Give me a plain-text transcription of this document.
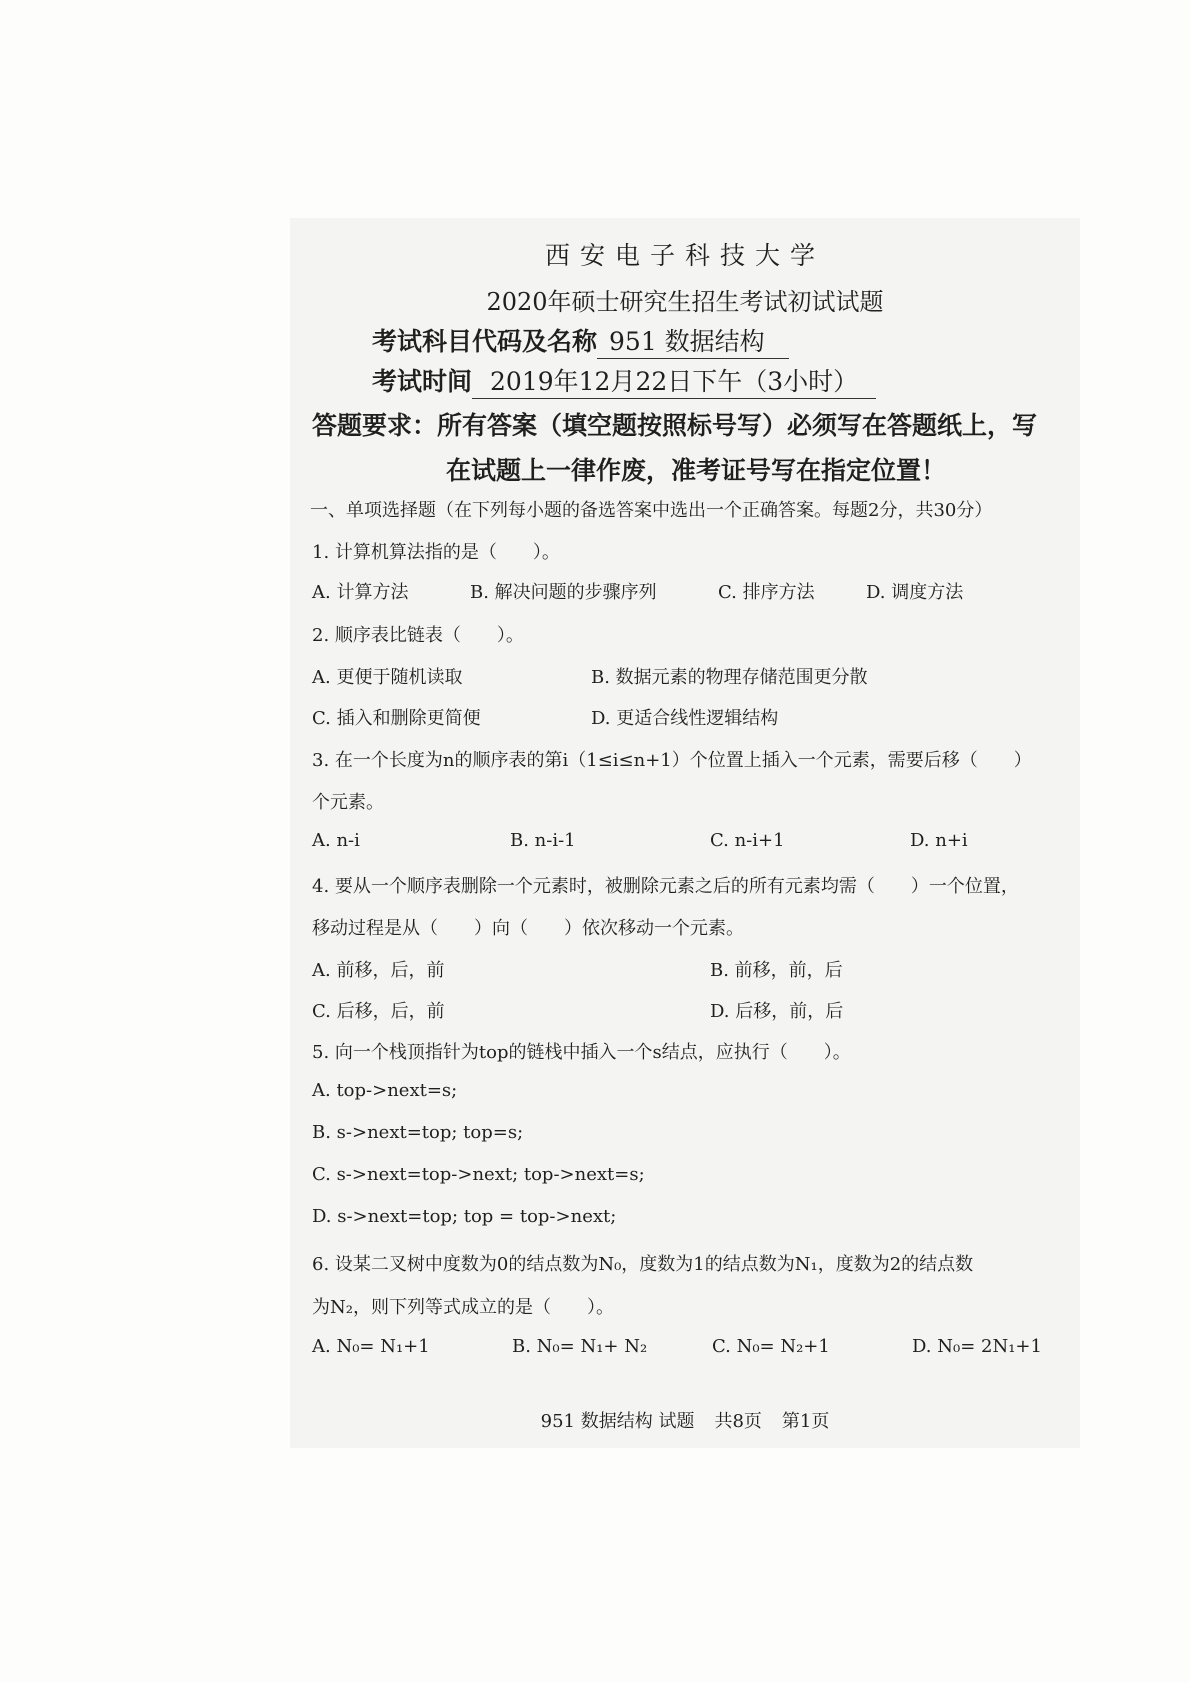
西安电子科技大学
2020年硕士研究生招生考试初试试题
考试科目代码及名称 951 数据结构
考试时间 2019年12月22日下午（3小时）
答题要求：所有答案（填空题按照标号写）必须写在答题纸上，写
在试题上一律作废，准考证号写在指定位置！
一、单项选择题（在下列每小题的备选答案中选出一个正确答案。每题2分，共30分）
1. 计算机算法指的是（　　）。
A. 计算方法	B. 解决问题的步骤序列	C. 排序方法	D. 调度方法
2. 顺序表比链表（　　）。
A. 更便于随机读取	B. 数据元素的物理存储范围更分散
C. 插入和删除更简便	D. 更适合线性逻辑结构
3. 在一个长度为n的顺序表的第i（1≤i≤n+1）个位置上插入一个元素，需要后移（　　）
个元素。
A. n-i	B. n-i-1	C. n-i+1	D. n+i
4. 要从一个顺序表删除一个元素时，被删除元素之后的所有元素均需（　　）一个位置，
移动过程是从（　　）向（　　）依次移动一个元素。
A. 前移，后，前	B. 前移，前，后
C. 后移，后，前	D. 后移，前，后
5. 向一个栈顶指针为top的链栈中插入一个s结点，应执行（　　）。
A. top->next=s;
B. s->next=top; top=s;
C. s->next=top->next; top->next=s;
D. s->next=top; top = top->next;
6. 设某二叉树中度数为0的结点数为N₀，度数为1的结点数为N₁，度数为2的结点数
为N₂，则下列等式成立的是（　　）。
A. N₀= N₁+1	B. N₀= N₁+ N₂	C. N₀= N₂+1	D. N₀= 2N₁+1
951 数据结构 试题 共8页 第1页
